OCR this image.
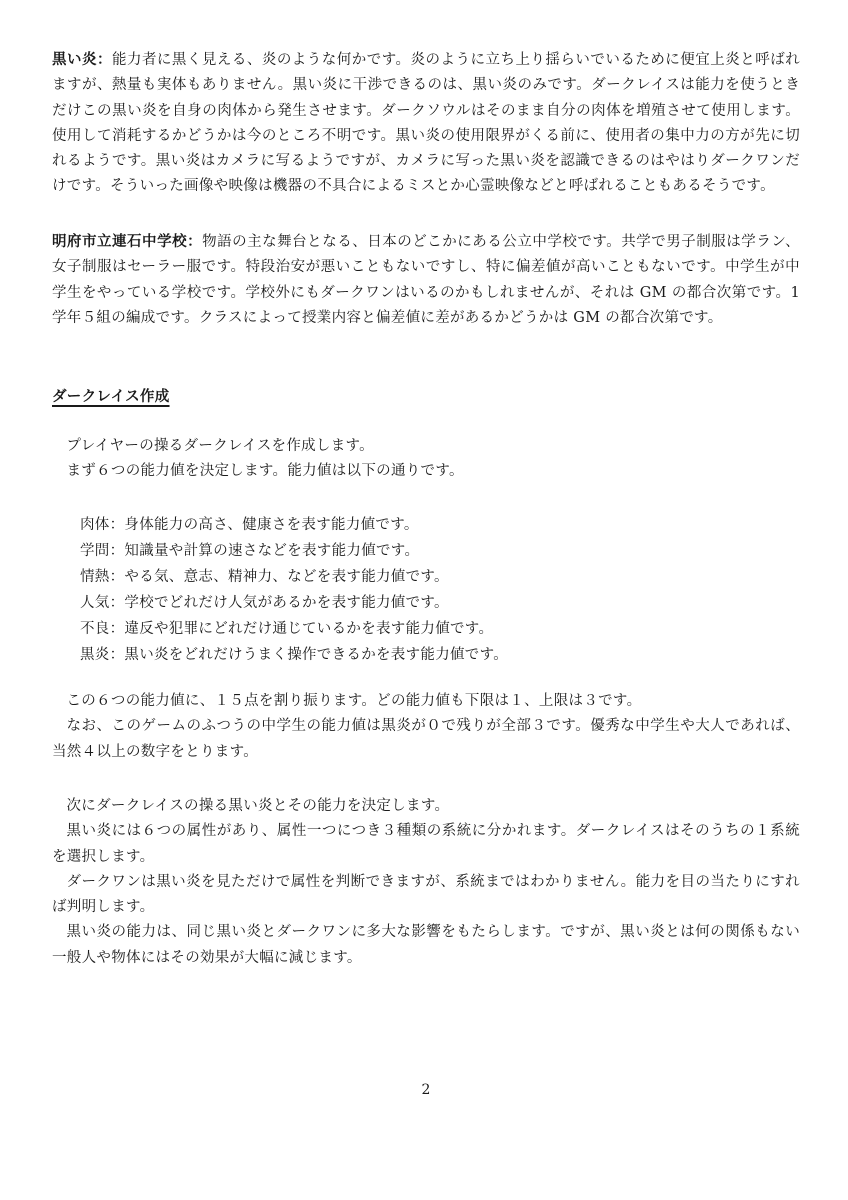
黒い炎：能力者に黒く見える、炎のような何かです。炎のように立ち上り揺らいでいるために便宜上炎と呼ばれますが、熱量も実体もありません。黒い炎に干渉できるのは、黒い炎のみです。ダークレイスは能力を使うときだけこの黒い炎を自身の肉体から発生させます。ダークソウルはそのまま自分の肉体を増殖させて使用します。使用して消耗するかどうかは今のところ不明です。黒い炎の使用限界がくる前に、使用者の集中力の方が先に切れるようです。黒い炎はカメラに写るようですが、カメラに写った黒い炎を認識できるのはやはりダークワンだけです。そういった画像や映像は機器の不具合によるミスとか心霊映像などと呼ばれることもあるそうです。

明府市立連石中学校：物語の主な舞台となる、日本のどこかにある公立中学校です。共学で男子制服は学ラン、女子制服はセーラー服です。特段治安が悪いこともないですし、特に偏差値が高いこともないです。中学生が中学生をやっている学校です。学校外にもダークワンはいるのかもしれませんが、それは GM の都合次第です。1学年５組の編成です。クラスによって授業内容と偏差値に差があるかどうかは GM の都合次第です。

ダークレイス作成

プレイヤーの操るダークレイスを作成します。

まず６つの能力値を決定します。能力値は以下の通りです。

肉体：身体能力の高さ、健康さを表す能力値です。
学問：知識量や計算の速さなどを表す能力値です。
情熱：やる気、意志、精神力、などを表す能力値です。
人気：学校でどれだけ人気があるかを表す能力値です。
不良：違反や犯罪にどれだけ通じているかを表す能力値です。
黒炎：黒い炎をどれだけうまく操作できるかを表す能力値です。

この６つの能力値に、１５点を割り振ります。どの能力値も下限は１、上限は３です。

なお、このゲームのふつうの中学生の能力値は黒炎が０で残りが全部３です。優秀な中学生や大人であれば、当然４以上の数字をとります。

次にダークレイスの操る黒い炎とその能力を決定します。

黒い炎には６つの属性があり、属性一つにつき３種類の系統に分かれます。ダークレイスはそのうちの１系統を選択します。

ダークワンは黒い炎を見ただけで属性を判断できますが、系統まではわかりません。能力を目の当たりにすれば判明します。

黒い炎の能力は、同じ黒い炎とダークワンに多大な影響をもたらします。ですが、黒い炎とは何の関係もない一般人や物体にはその効果が大幅に減じます。

2
